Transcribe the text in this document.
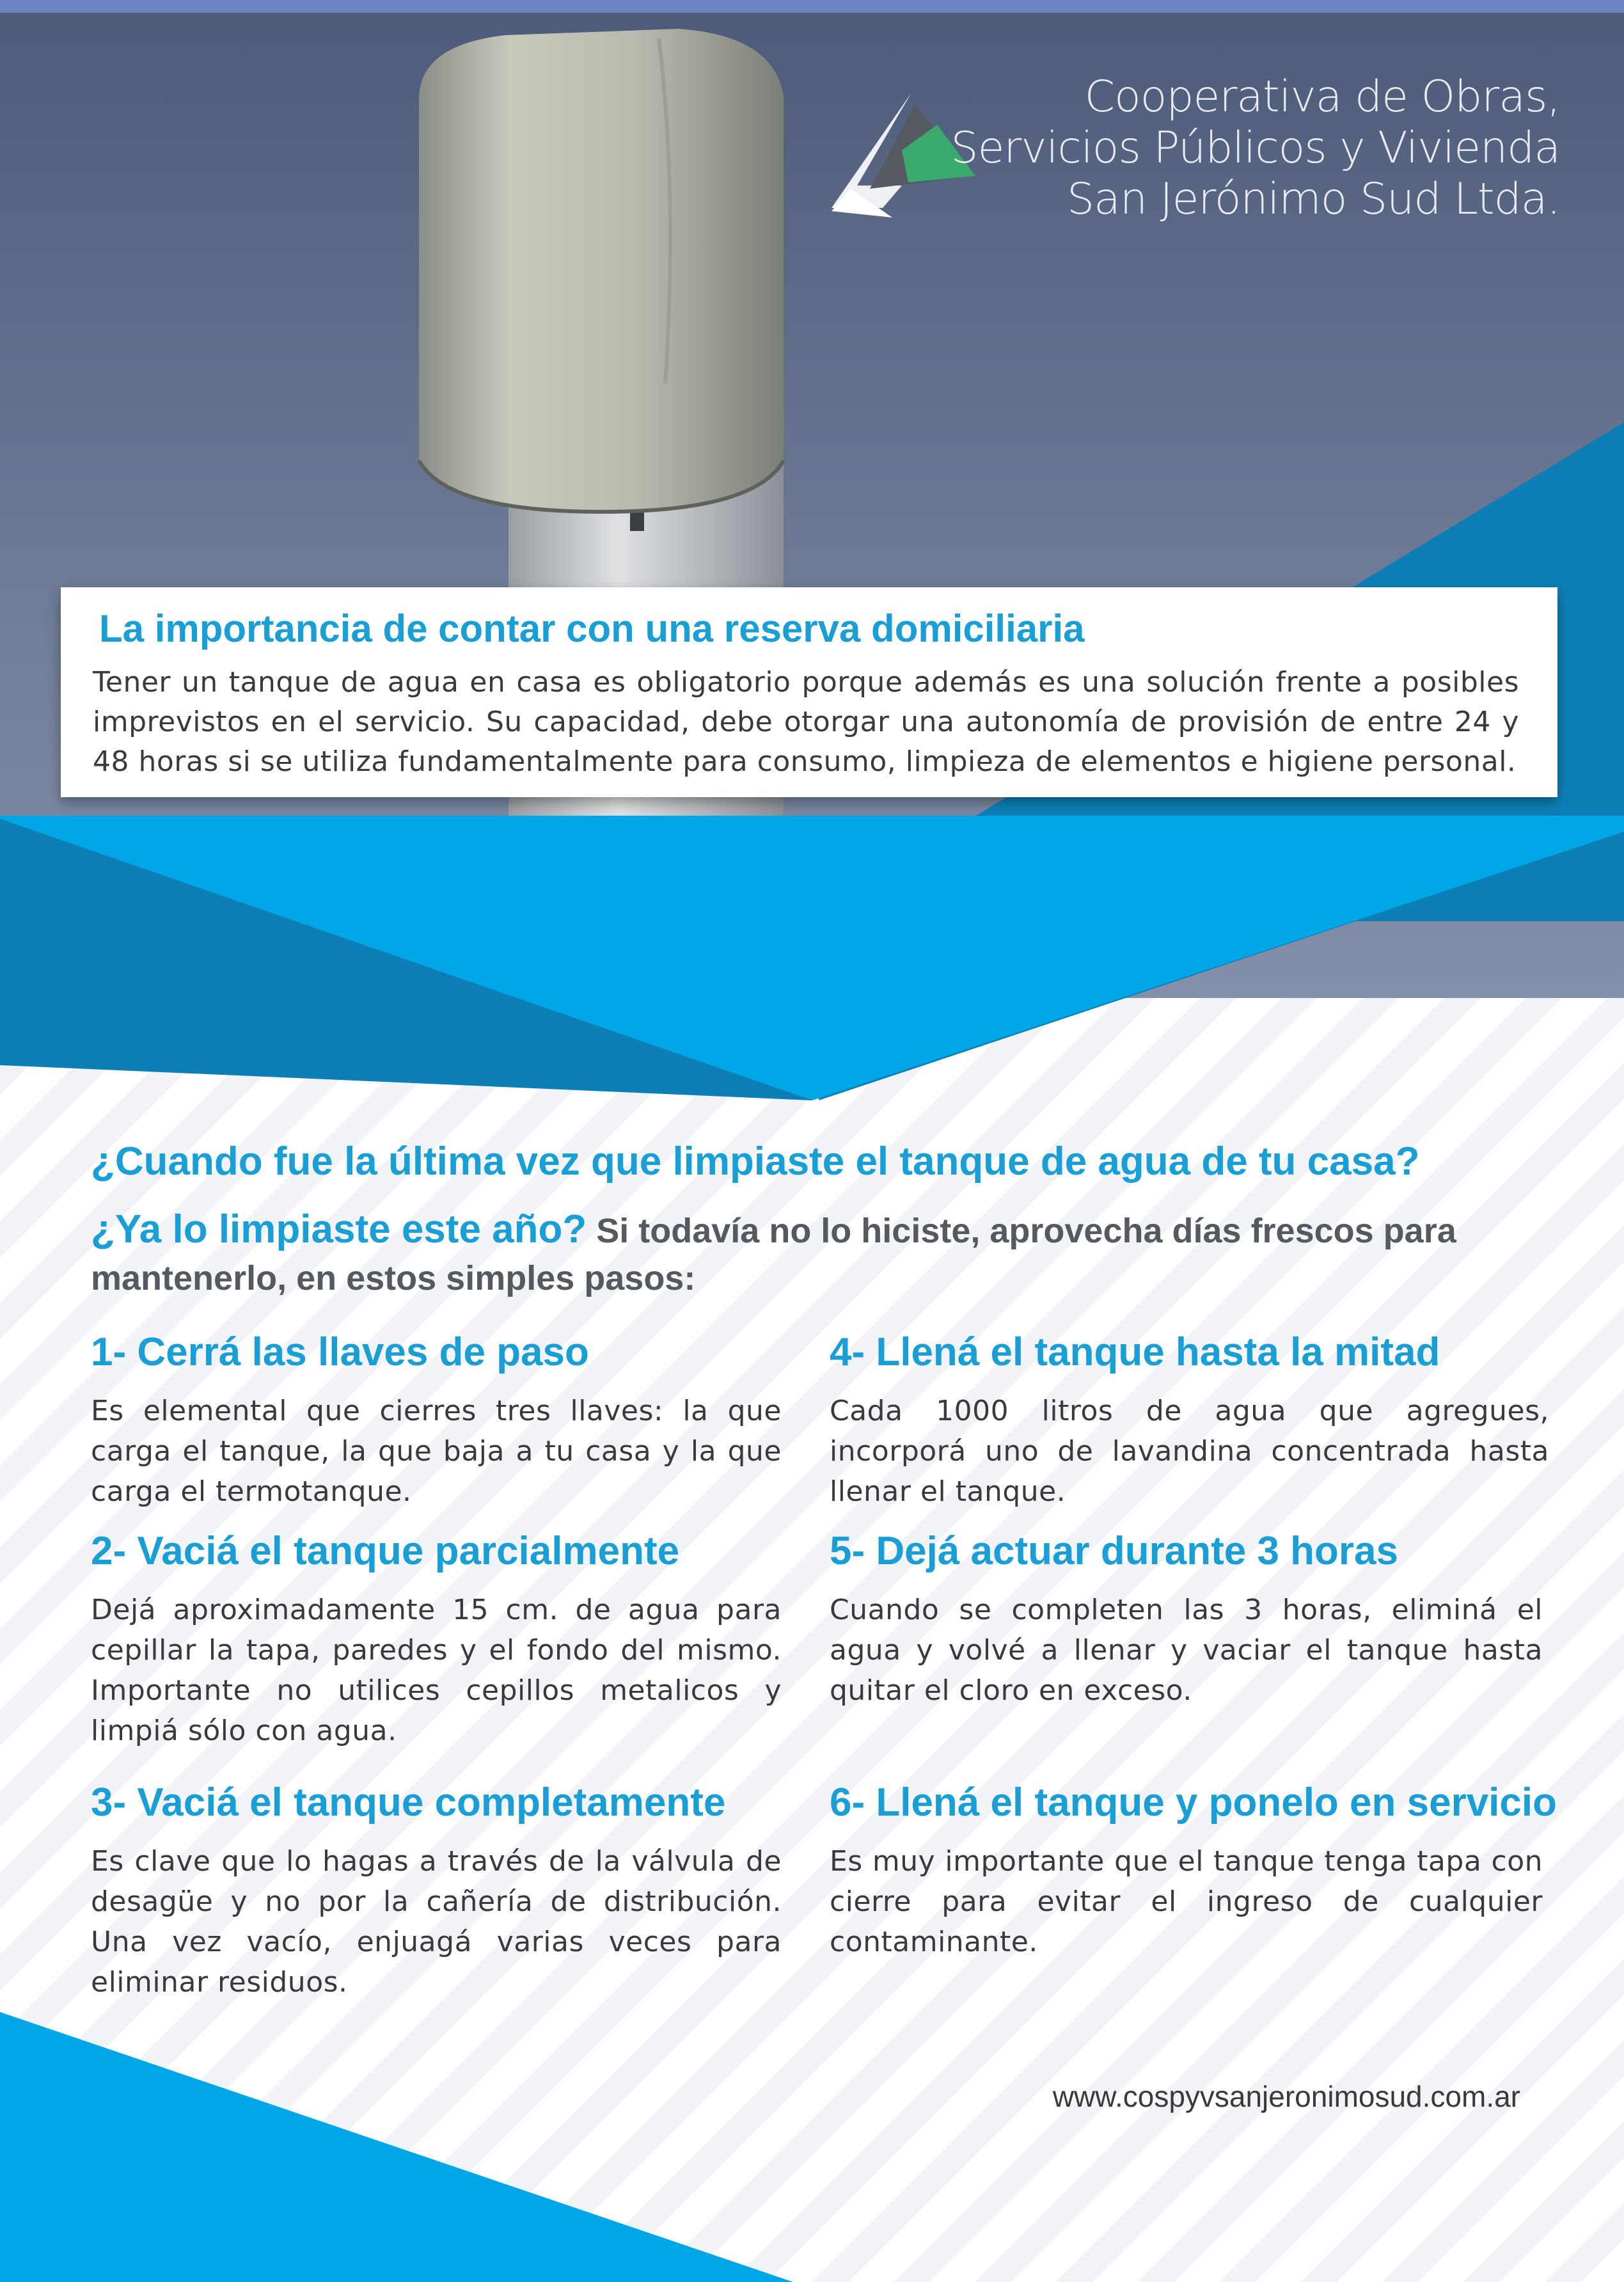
Cooperativa de Obras,
Servicios Públicos y Vivienda
San Jerónimo Sud Ltda.
La importancia de contar con una reserva domiciliaria
Tener un tanque de agua en casa es obligatorio porque además es una solución frente a posibles imprevistos en el servicio. Su capacidad, debe otorgar una autonomía de provisión de entre 24 y 48 horas si se utiliza fundamentalmente para consumo, limpieza de elementos e higiene personal.
¿Cuando fue la última vez que limpiaste el tanque de agua de tu casa?
¿Ya lo limpiaste este año? Si todavía no lo hiciste, aprovecha días frescos para mantenerlo, en estos simples pasos:
1- Cerrá las llaves de paso
Es elemental que cierres tres llaves: la que carga el tanque, la que baja a tu casa y la que carga el termotanque.
2- Vaciá el tanque parcialmente
Dejá aproximadamente 15 cm. de agua para cepillar la tapa, paredes y el fondo del mismo. Importante no utilices cepillos metalicos y limpiá sólo con agua.
3- Vaciá el tanque completamente
Es clave que lo hagas a través de la válvula de desagüe y no por la cañería de distribución. Una vez vacío, enjuagá varias veces para eliminar residuos.
4- Llená el tanque hasta la mitad
Cada 1000 litros de agua que agregues, incorporá uno de lavandina concentrada hasta llenar el tanque.
5- Dejá actuar durante 3 horas
Cuando se completen las 3 horas, eliminá el agua y volvé a llenar y vaciar el tanque hasta quitar el cloro en exceso.
6- Llená el tanque y ponelo en servicio
Es muy importante que el tanque tenga tapa con cierre para evitar el ingreso de cualquier contaminante.
www.cospyvsanjeronimosud.com.ar
